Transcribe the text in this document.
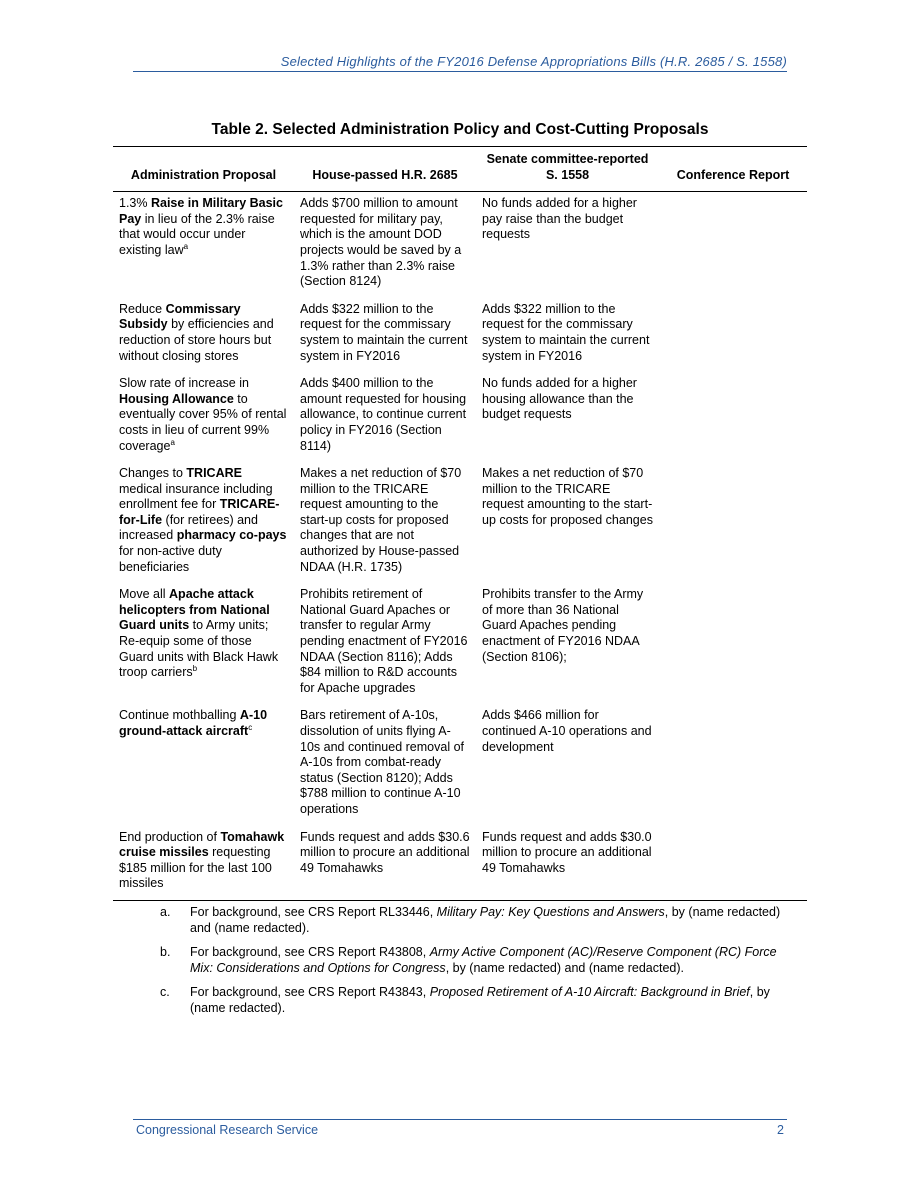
Selected Highlights of the FY2016 Defense Appropriations Bills (H.R. 2685 / S. 1558)
Table 2. Selected Administration Policy and Cost-Cutting Proposals
Administration Proposal	House-passed H.R. 2685	Senate committee-reported S. 1558	Conference Report
1.3% Raise in Military Basic Pay in lieu of the 2.3% raise that would occur under existing law$^a$	Adds $700 million to amount requested for military pay, which is the amount DOD projects would be saved by a 1.3% rather than 2.3% raise (Section 8124)	No funds added for a higher pay raise than the budget requests	
Reduce Commissary Subsidy by efficiencies and reduction of store hours but without closing stores	Adds $322 million to the request for the commissary system to maintain the current system in FY2016	Adds $322 million to the request for the commissary system to maintain the current system in FY2016	
Slow rate of increase in Housing Allowance to eventually cover 95% of rental costs in lieu of current 99% coverage$^a$	Adds $400 million to the amount requested for housing allowance, to continue current policy in FY2016 (Section 8114)	No funds added for a higher housing allowance than the budget requests	
Changes to TRICARE medical insurance including enrollment fee for TRICARE-for-Life (for retirees) and increased pharmacy co-pays for non-active duty beneficiaries	Makes a net reduction of $70 million to the TRICARE request amounting to the start-up costs for proposed changes that are not authorized by House-passed NDAA (H.R. 1735)	Makes a net reduction of $70 million to the TRICARE request amounting to the start-up costs for proposed changes	
Move all Apache attack helicopters from National Guard units to Army units; Re-equip some of those Guard units with Black Hawk troop carriers$^b$	Prohibits retirement of National Guard Apaches or transfer to regular Army pending enactment of FY2016 NDAA (Section 8116); Adds $84 million to R&D accounts for Apache upgrades	Prohibits transfer to the Army of more than 36 National Guard Apaches pending enactment of FY2016 NDAA (Section 8106);	
Continue mothballing A-10 ground-attack aircraft$^c$	Bars retirement of A-10s, dissolution of units flying A-10s and continued removal of A-10s from combat-ready status (Section 8120); Adds $788 million to continue A-10 operations	Adds $466 million for continued A-10 operations and development	
End production of Tomahawk cruise missiles requesting $185 million for the last 100 missiles	Funds request and adds $30.6 million to procure an additional 49 Tomahawks	Funds request and adds $30.0 million to procure an additional 49 Tomahawks	
a.	For background, see CRS Report RL33446, Military Pay: Key Questions and Answers, by (name redacted) and (name redacted).
b.	For background, see CRS Report R43808, Army Active Component (AC)/Reserve Component (RC) Force Mix: Considerations and Options for Congress, by (name redacted) and (name redacted).
c.	For background, see CRS Report R43843, Proposed Retirement of A-10 Aircraft: Background in Brief, by (name redacted).
Congressional Research Service	2
